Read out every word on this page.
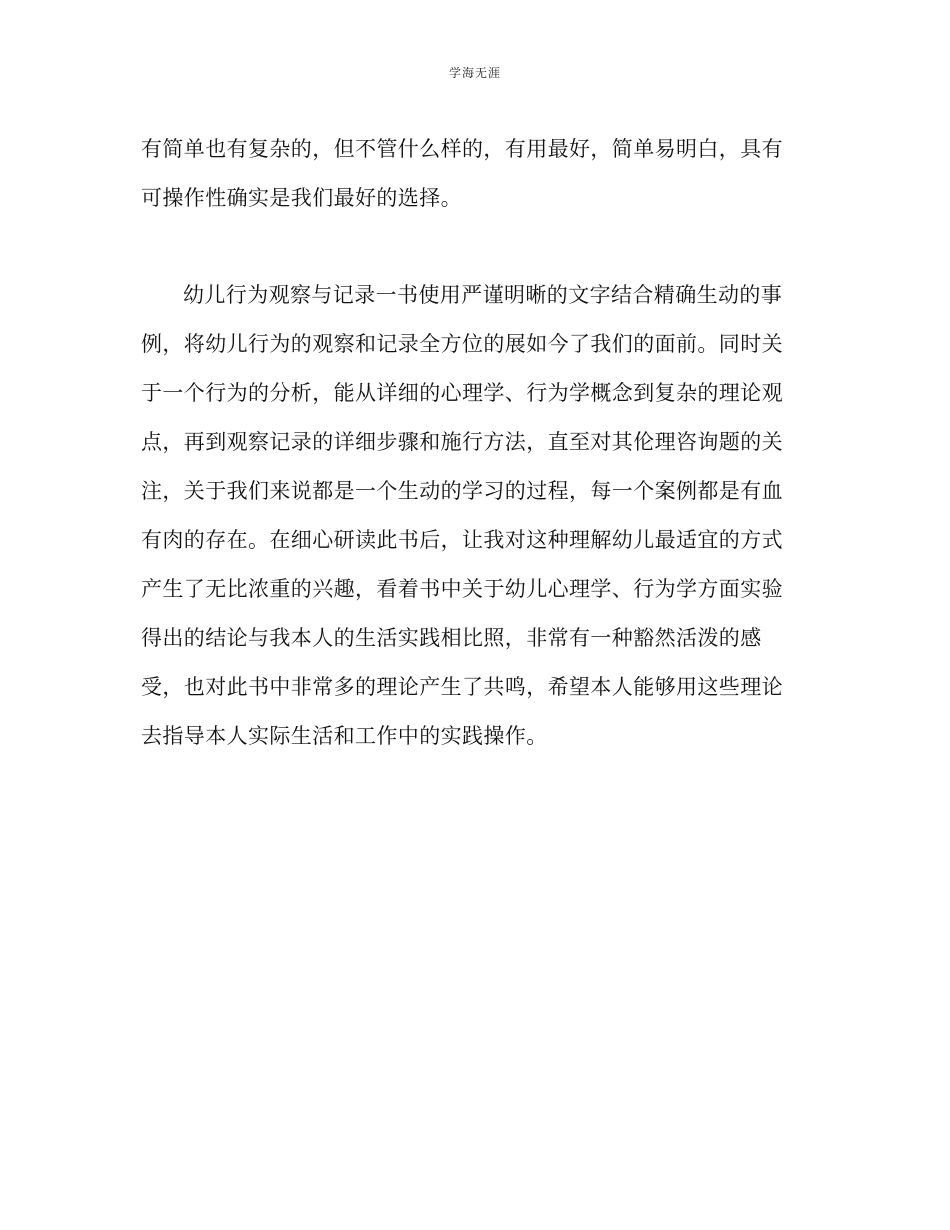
学海无涯
有简单也有复杂的，但不管什么样的，有用最好，简单易明白，具有
可操作性确实是我们最好的选择。
幼儿行为观察与记录一书使用严谨明晰的文字结合精确生动的事
例，将幼儿行为的观察和记录全方位的展如今了我们的面前。同时关
于一个行为的分析，能从详细的心理学、行为学概念到复杂的理论观
点，再到观察记录的详细步骤和施行方法，直至对其伦理咨询题的关
注，关于我们来说都是一个生动的学习的过程，每一个案例都是有血
有肉的存在。在细心研读此书后，让我对这种理解幼儿最适宜的方式
产生了无比浓重的兴趣，看着书中关于幼儿心理学、行为学方面实验
得出的结论与我本人的生活实践相比照，非常有一种豁然活泼的感
受，也对此书中非常多的理论产生了共鸣，希望本人能够用这些理论
去指导本人实际生活和工作中的实践操作。
